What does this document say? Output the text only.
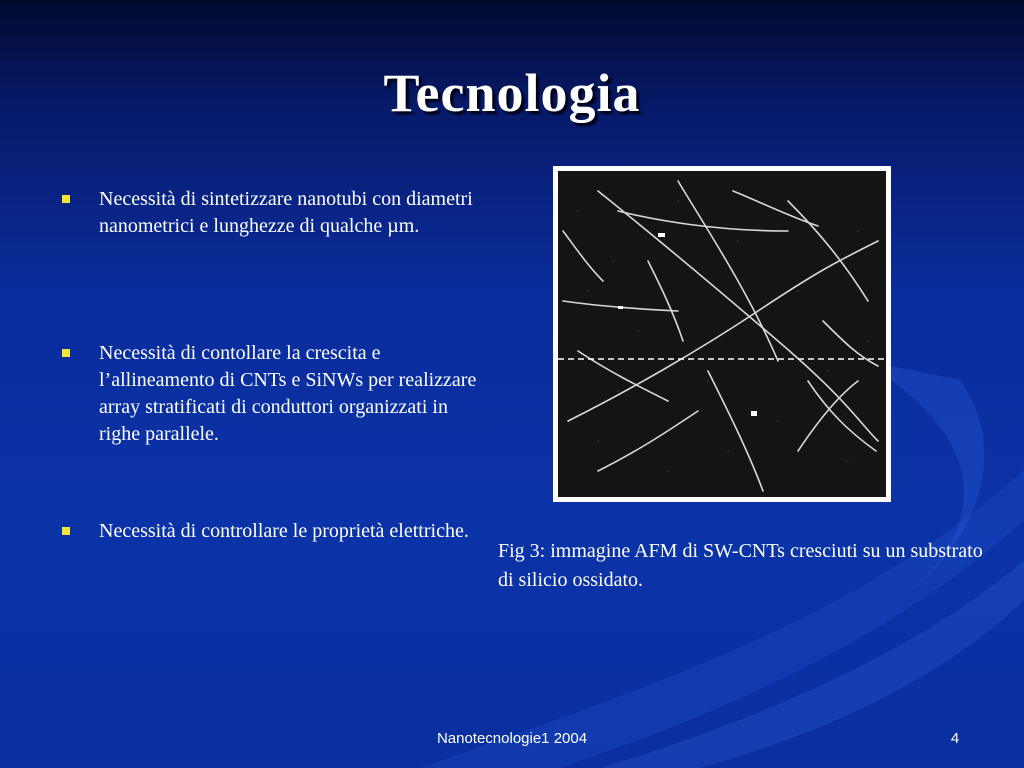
Tecnologia
Necessità di sintetizzare nanotubi con diametri nanometrici e lunghezze di qualche µm.
Necessità di contollare la crescita e l’allineamento di CNTs e SiNWs per realizzare array stratificati di conduttori organizzati in righe parallele.
Necessità di controllare le proprietà elettriche.
Fig 3: immagine AFM di SW-CNTs cresciuti su un substrato di silicio ossidato.
Nanotecnologie1 2004	4
